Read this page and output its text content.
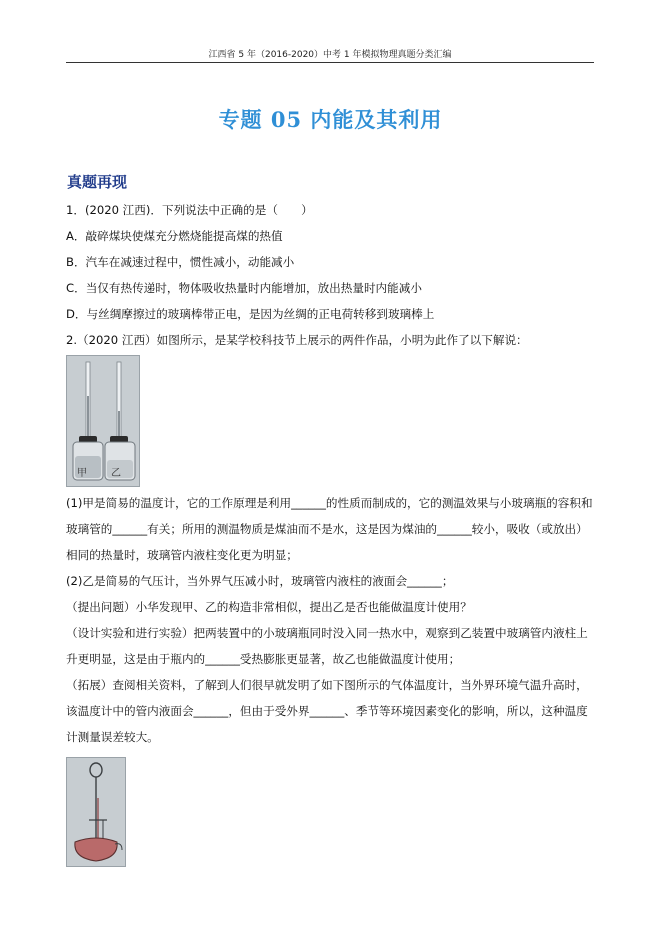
江西省 5 年（2016-2020）中考 1 年模拟物理真题分类汇编
专题 05 内能及其利用
真题再现
1．(2020 江西)．下列说法中正确的是（　　）
A．敲碎煤块使煤充分燃烧能提高煤的热值
B．汽车在减速过程中，惯性减小，动能减小
C．当仅有热传递时，物体吸收热量时内能增加，放出热量时内能减小
D．与丝绸摩擦过的玻璃棒带正电，是因为丝绸的正电荷转移到玻璃棒上
2.（2020 江西）如图所示，是某学校科技节上展示的两件作品，小明为此作了以下解说：
甲 乙
(1)甲是简易的温度计，它的工作原理是利用______的性质而制成的，它的测温效果与小玻璃瓶的容积和
玻璃管的______有关；所用的测温物质是煤油而不是水，这是因为煤油的______较小，吸收（或放出）
相同的热量时，玻璃管内液柱变化更为明显；
(2)乙是简易的气压计，当外界气压减小时，玻璃管内液柱的液面会______；
（提出问题）小华发现甲、乙的构造非常相似，提出乙是否也能做温度计使用？
（设计实验和进行实验）把两装置中的小玻璃瓶同时没入同一热水中，观察到乙装置中玻璃管内液柱上
升更明显，这是由于瓶内的______受热膨胀更显著，故乙也能做温度计使用；
（拓展）查阅相关资料，了解到人们很早就发明了如下图所示的气体温度计，当外界环境气温升高时，
该温度计中的管内液面会______，但由于受外界______、季节等环境因素变化的影响，所以，这种温度
计测量误差较大。
